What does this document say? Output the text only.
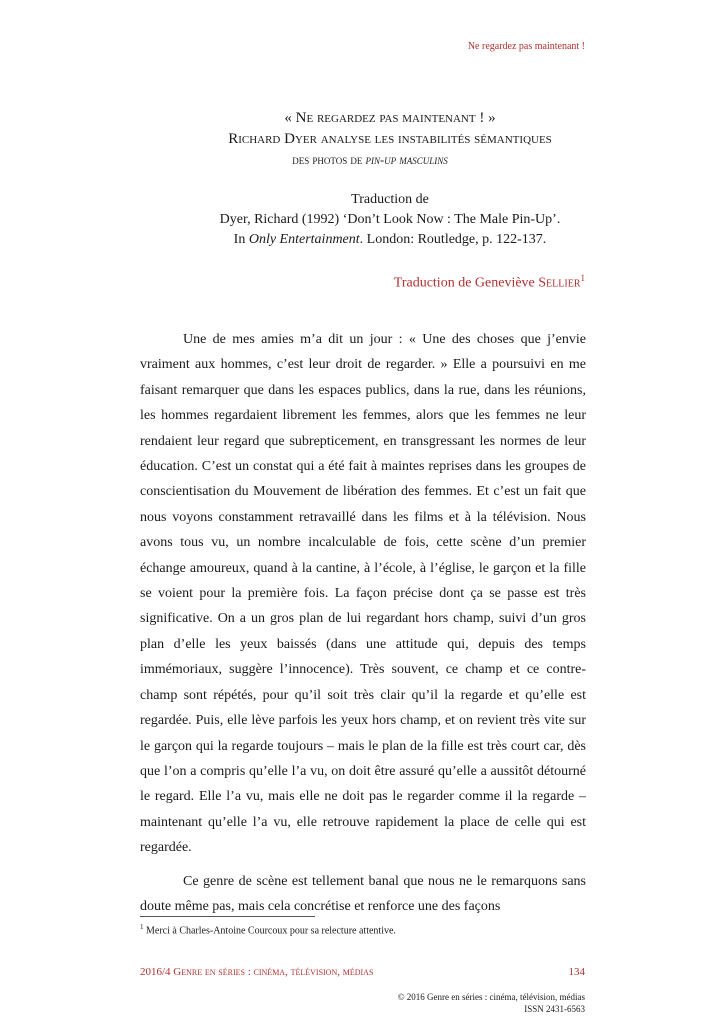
Ne regardez pas maintenant !
« Ne regardez pas maintenant ! »
Richard Dyer analyse les instabilités sémantiques

des photos de pin-up masculins
Traduction de
Dyer, Richard (1992) ‘Don’t Look Now : The Male Pin-Up’.
In Only Entertainment. London: Routledge, p. 122-137.
Traduction de Geneviève Sellier$^1$

Une de mes amies m’a dit un jour : « Une des choses que j’envie vraiment aux hommes, c’est leur droit de regarder. » Elle a poursuivi en me faisant remarquer que dans les espaces publics, dans la rue, dans les réunions, les hommes regardaient librement les femmes, alors que les femmes ne leur rendaient leur regard que subrepticement, en transgressant les normes de leur éducation. C’est un constat qui a été fait à maintes reprises dans les groupes de conscientisation du Mouvement de libération des femmes. Et c’est un fait que nous voyons constamment retravaillé dans les films et à la télévision. Nous avons tous vu, un nombre incalculable de fois, cette scène d’un premier échange amoureux, quand à la cantine, à l’école, à l’église, le garçon et la fille se voient pour la première fois. La façon précise dont ça se passe est très significative. On a un gros plan de lui regardant hors champ, suivi d’un gros plan d’elle les yeux baissés (dans une attitude qui, depuis des temps immémoriaux, suggère l’innocence). Très souvent, ce champ et ce contre-champ sont répétés, pour qu’il soit très clair qu’il la regarde et qu’elle est regardée. Puis, elle lève parfois les yeux hors champ, et on revient très vite sur le garçon qui la regarde toujours – mais le plan de la fille est très court car, dès que l’on a compris qu’elle l’a vu, on doit être assuré qu’elle a aussitôt détourné le regard. Elle l’a vu, mais elle ne doit pas le regarder comme il la regarde – maintenant qu’elle l’a vu, elle retrouve rapidement la place de celle qui est regardée.

Ce genre de scène est tellement banal que nous ne le remarquons sans doute même pas, mais cela concrétise et renforce une des façons

$^1$ Merci à Charles-Antoine Courcoux pour sa relecture attentive.
2016/4 Genre en séries : cinéma, télévision, médias	134
© 2016 Genre en séries : cinéma, télévision, médias
ISSN 2431-6563
